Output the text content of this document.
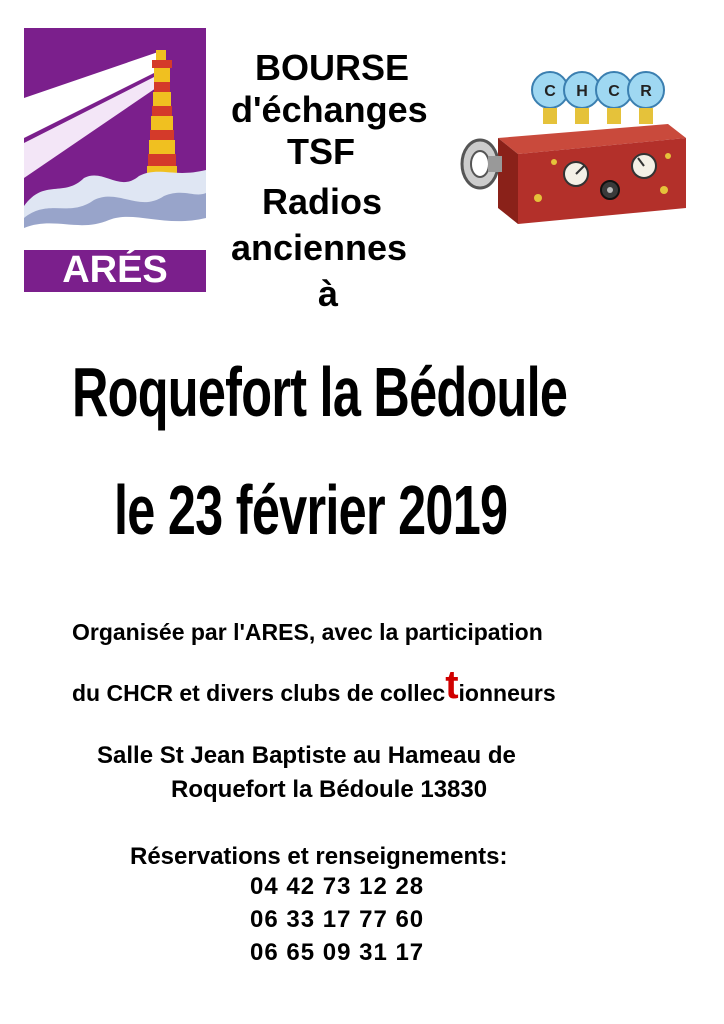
ARÉS
C H C R
BOURSE
d'échanges
TSF
Radios
anciennes
à
Roquefort la Bédoule
le 23 février 2019
Organisée par l'ARES, avec la participation
du CHCR et divers clubs de collectionneurs
Salle St Jean Baptiste au Hameau de
Roquefort la Bédoule 13830
Réservations et renseignements:
04 42 73 12 28
06 33 17 77 60
06 65 09 31 17
